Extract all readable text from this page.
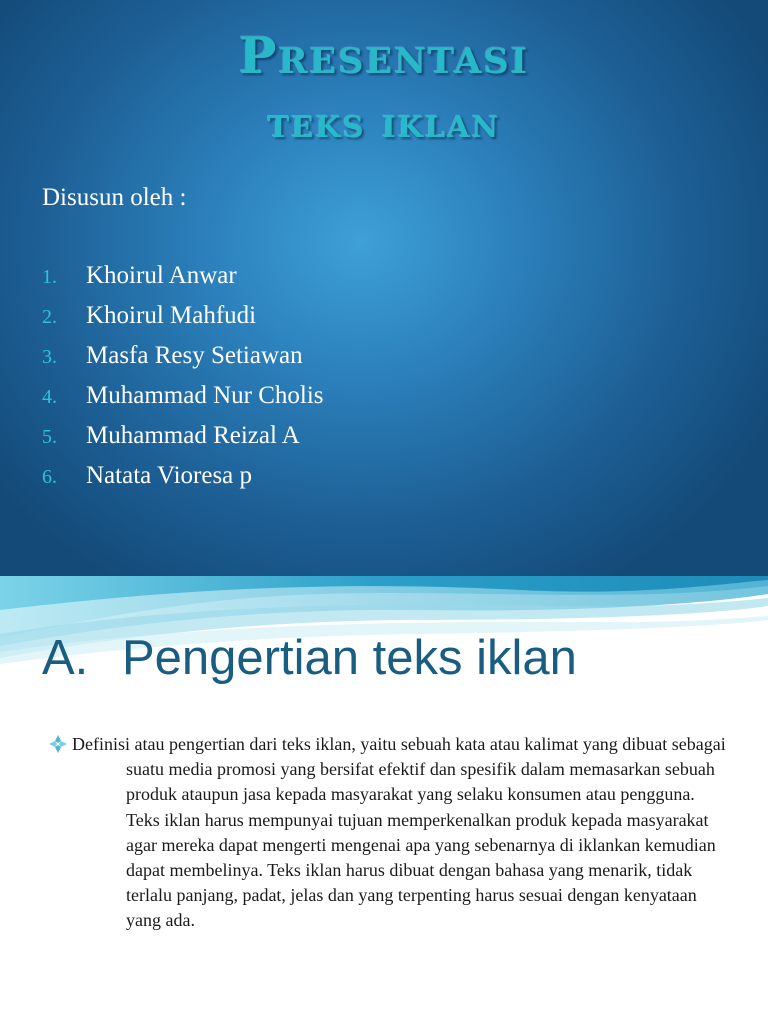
Presentasi
teks iklan
Disusun oleh :
1.	Khoirul Anwar
2.	Khoirul Mahfudi
3.	Masfa Resy Setiawan
4.	Muhammad Nur Cholis
5.	Muhammad Reizal A
6.	Natata Vioresa p
A. Pengertian teks iklan

Definisi atau pengertian dari teks iklan, yaitu sebuah kata atau kalimat yang dibuat sebagai suatu media promosi yang bersifat efektif dan spesifik dalam memasarkan sebuah produk ataupun jasa kepada masyarakat yang selaku konsumen atau pengguna. Teks iklan harus mempunyai tujuan memperkenalkan produk kepada masyarakat agar mereka dapat mengerti mengenai apa yang sebenarnya di iklankan kemudian dapat membelinya. Teks iklan harus dibuat dengan bahasa yang menarik, tidak terlalu panjang, padat, jelas dan yang terpenting harus sesuai dengan kenyataan yang ada.
